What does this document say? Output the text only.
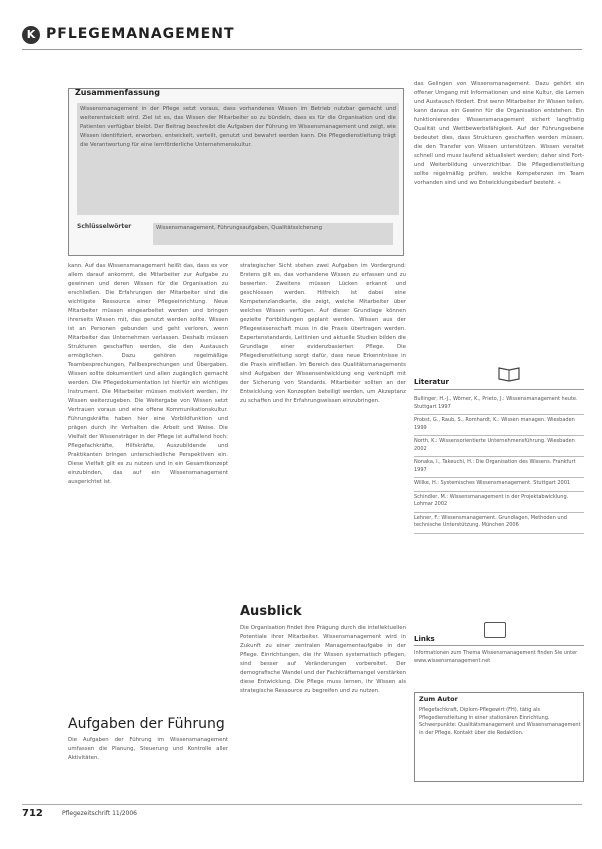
K PFLEGEMANAGEMENT
Zusammenfassung
Wissensmanagement in der Pflege setzt voraus, dass vorhandenes Wissen im Betrieb nutzbar gemacht und weiterentwickelt wird. Ziel ist es, das Wissen der Mitarbeiter so zu bündeln, dass es für die Organisation und die Patienten verfügbar bleibt. Der Beitrag beschreibt die Aufgaben der Führung im Wissensmanagement und zeigt, wie Wissen identifiziert, erworben, entwickelt, verteilt, genutzt und bewahrt werden kann. Die Pflegedienstleitung trägt die Verantwortung für eine lernförderliche Unternehmenskultur.
Schlüsselwörter	Wissensmanagement, Führungsaufgaben, Qualitätssicherung
das Gelingen von Wissensmanagement. Dazu gehört ein offener Umgang mit Informationen und eine Kultur, die Lernen und Austausch fördert. Erst wenn Mitarbeiter ihr Wissen teilen, kann daraus ein Gewinn für die Organisation entstehen. Ein funktionierendes Wissensmanagement sichert langfristig Qualität und Wettbewerbsfähigkeit. Auf der Führungsebene bedeutet dies, dass Strukturen geschaffen werden müssen, die den Transfer von Wissen unterstützen. Wissen veraltet schnell und muss laufend aktualisiert werden; daher sind Fort- und Weiterbildung unverzichtbar. Die Pflegedienstleitung sollte regelmäßig prüfen, welche Kompetenzen im Team vorhanden sind und wo Entwicklungsbedarf besteht. «
kann. Auf das Wissensmanagement heißt das, dass es vor allem darauf ankommt, die Mitarbeiter zur Aufgabe zu gewinnen und deren Wissen für die Organisation zu erschließen. Die Erfahrungen der Mitarbeiter sind die wichtigste Ressource einer Pflegeeinrichtung. Neue Mitarbeiter müssen eingearbeitet werden und bringen ihrerseits Wissen mit, das genutzt werden sollte. Wissen ist an Personen gebunden und geht verloren, wenn Mitarbeiter das Unternehmen verlassen. Deshalb müssen Strukturen geschaffen werden, die den Austausch ermöglichen. Dazu gehören regelmäßige Teambesprechungen, Fallbesprechungen und Übergaben. Wissen sollte dokumentiert und allen zugänglich gemacht werden. Die Pflegedokumentation ist hierfür ein wichtiges Instrument. Die Mitarbeiter müssen motiviert werden, ihr Wissen weiterzugeben. Die Weitergabe von Wissen setzt Vertrauen voraus und eine offene Kommunikationskultur. Führungskräfte haben hier eine Vorbildfunktion und prägen durch ihr Verhalten die Arbeit und Weise. Die Vielfalt der Wissensträger in der Pflege ist auffallend hoch: Pflegefachkräfte, Hilfskräfte, Auszubildende und Praktikanten bringen unterschiedliche Perspektiven ein. Diese Vielfalt gilt es zu nutzen und in ein Gesamtkonzept einzubinden, das auf ein Wissensmanagement ausgerichtet ist.
strategischer Sicht stehen zwei Aufgaben im Vordergrund: Erstens gilt es, das vorhandene Wissen zu erfassen und zu bewerten. Zweitens müssen Lücken erkannt und geschlossen werden. Hilfreich ist dabei eine Kompetenzlandkarte, die zeigt, welche Mitarbeiter über welches Wissen verfügen. Auf dieser Grundlage können gezielte Fortbildungen geplant werden. Wissen aus der Pflegewissenschaft muss in die Praxis übertragen werden. Expertenstandards, Leitlinien und aktuelle Studien bilden die Grundlage einer evidenzbasierten Pflege. Die Pflegedienstleitung sorgt dafür, dass neue Erkenntnisse in die Praxis einfließen. Im Bereich des Qualitätsmanagements sind Aufgaben der Wissensentwicklung eng verknüpft mit der Sicherung von Standards. Mitarbeiter sollten an der Entwicklung von Konzepten beteiligt werden, um Akzeptanz zu schaffen und ihr Erfahrungswissen einzubringen.
Aufgaben der Führung
Die Aufgaben der Führung im Wissensmanagement umfassen die Planung, Steuerung und Kontrolle aller Aktivitäten.
Ausblick
Die Organisation findet ihre Prägung durch die intellektuellen Potentiale ihrer Mitarbeiter. Wissensmanagement wird in Zukunft zu einer zentralen Managementaufgabe in der Pflege. Einrichtungen, die ihr Wissen systematisch pflegen, sind besser auf Veränderungen vorbereitet. Der demografische Wandel und der Fachkräftemangel verstärken diese Entwicklung. Die Pflege muss lernen, ihr Wissen als strategische Ressource zu begreifen und zu nutzen.
Literatur
Bullinger, H.-J., Wörner, K., Prieto, J.: Wissensmanagement heute. Stuttgart 1997
Probst, G., Raub, S., Romhardt, K.: Wissen managen. Wiesbaden 1999
North, K.: Wissensorientierte Unternehmensführung. Wiesbaden 2002
Nonaka, I., Takeuchi, H.: Die Organisation des Wissens. Frankfurt 1997
Willke, H.: Systemisches Wissensmanagement. Stuttgart 2001
Schindler, M.: Wissensmanagement in der Projektabwicklung. Lohmar 2002
Lehner, F.: Wissensmanagement. Grundlagen, Methoden und technische Unterstützung. München 2006
Links
Informationen zum Thema Wissensmanagement finden Sie unter www.wissensmanagement.net
Zum Autor
Pflegefachkraft, Diplom-Pflegewirt (FH), tätig als Pflegedienstleitung in einer stationären Einrichtung. Schwerpunkte: Qualitätsmanagement und Wissensmanagement in der Pflege. Kontakt über die Redaktion.
712	Pflegezeitschrift 11/2006
